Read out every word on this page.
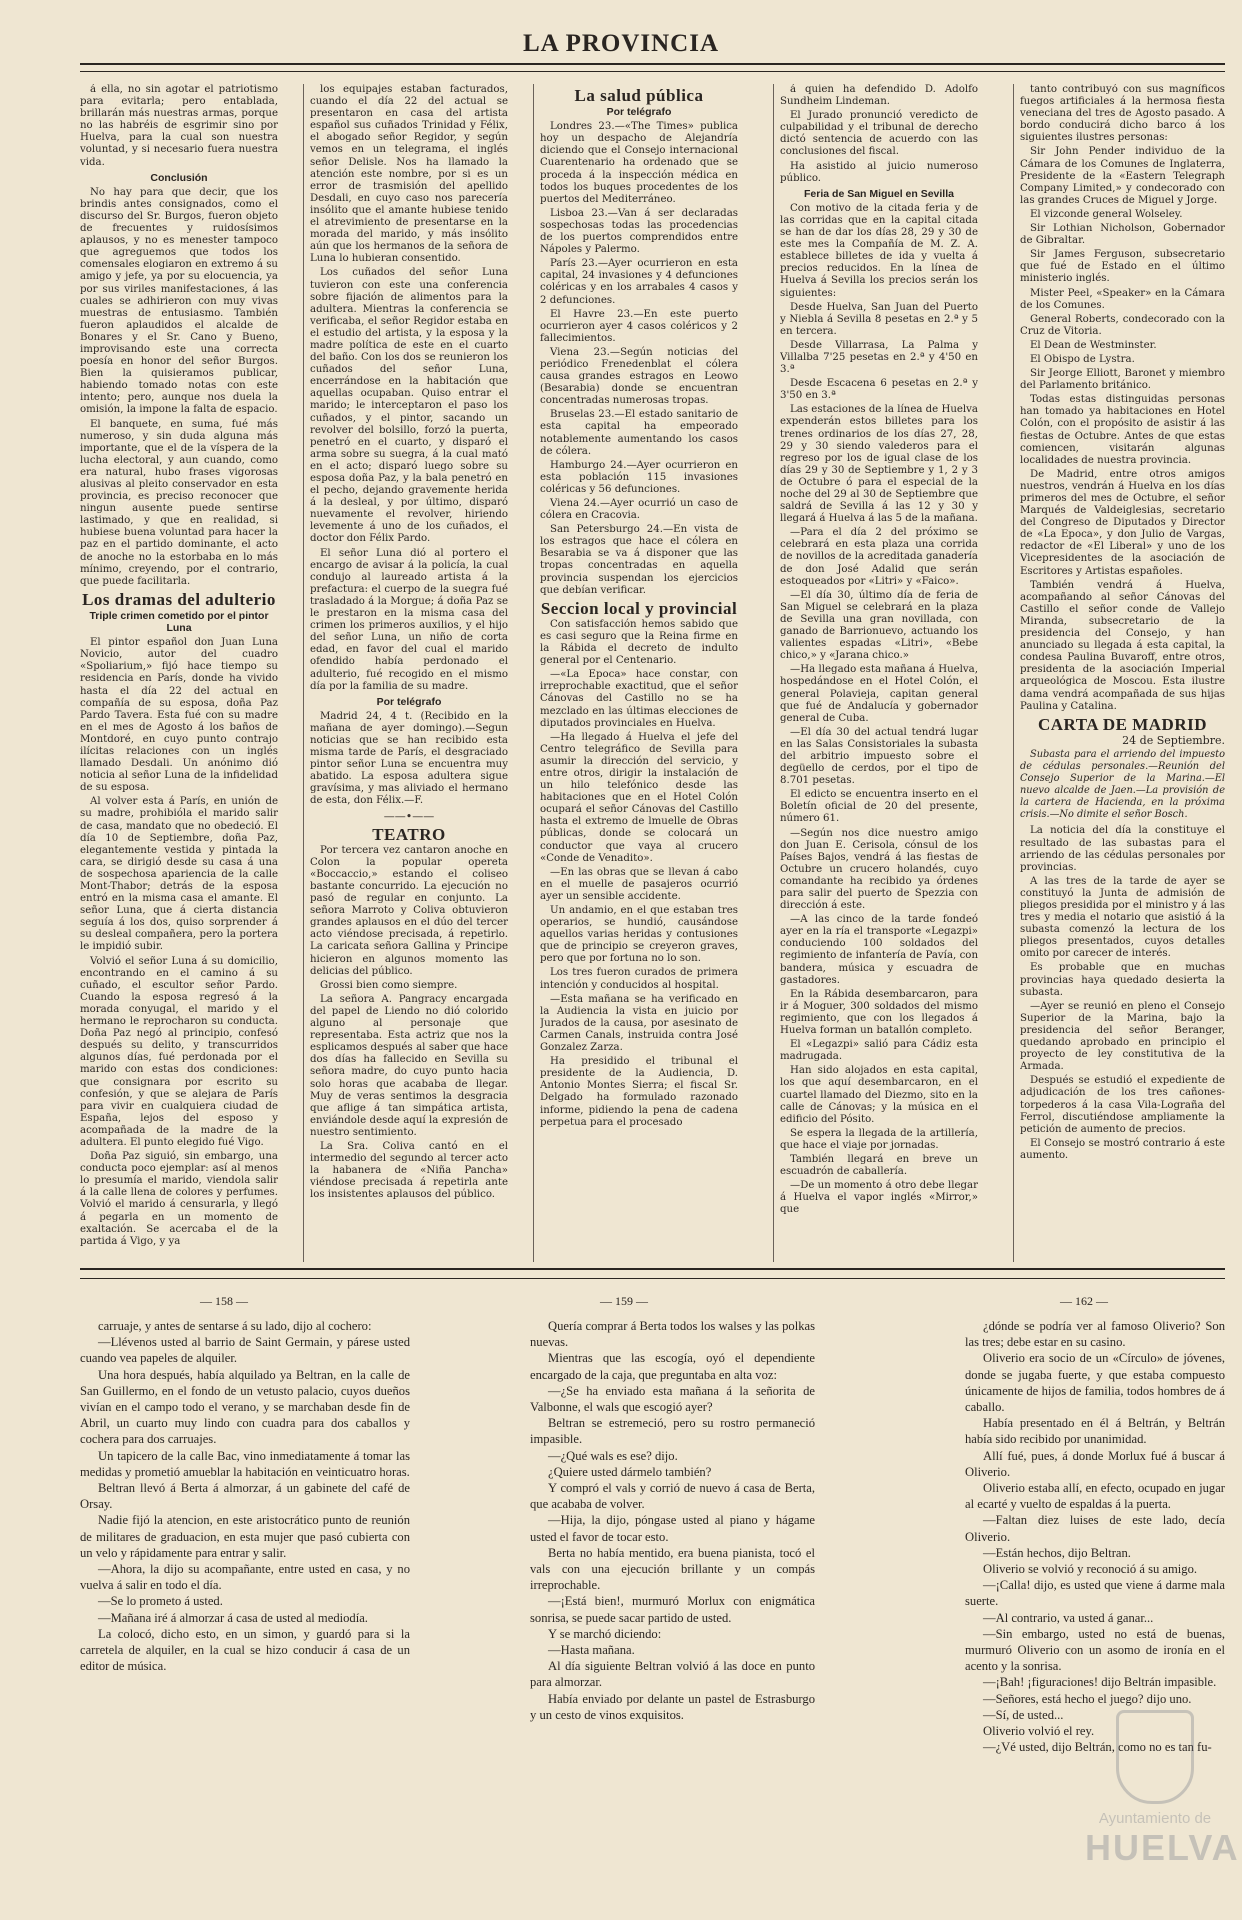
LA PROVINCIA

á ella, no sin agotar el patriotismo para evitarla; pero entablada, brillarán más nuestras armas, porque no las habréis de esgrimir sino por Huelva, para la cual son nuestra voluntad, y si necesario fuera nuestra vida.

Conclusión

No hay para que decir, que los brindis antes consignados, como el discurso del Sr. Burgos, fueron objeto de frecuentes y ruidosísimos aplausos, y no es menester tampoco que agreguemos que todos los comensales elogiaron en extremo á su amigo y jefe, ya por su elocuencia, ya por sus viriles manifestaciones, á las cuales se adhirieron con muy vivas muestras de entusiasmo. También fueron aplaudidos el alcalde de Bonares y el Sr. Cano y Bueno, improvisando este una correcta poesía en honor del señor Burgos. Bien la quisieramos publicar, habiendo tomado notas con este intento; pero, aunque nos duela la omisión, la impone la falta de espacio.

El banquete, en suma, fué más numeroso, y sin duda alguna más importante, que el de la víspera de la lucha electoral, y aun cuando, como era natural, hubo frases vigorosas alusivas al pleito conservador en esta provincia, es preciso reconocer que ningun ausente puede sentirse lastimado, y que en realidad, si hubiese buena voluntad para hacer la paz en el partido dominante, el acto de anoche no la estorbaba en lo más mínimo, creyendo, por el contrario, que puede facilitarla.

Los dramas del adulterio
Triple crimen cometido por el pintor Luna

El pintor español don Juan Luna Novicio, autor del cuadro «Spoliarium,» fijó hace tiempo su residencia en París, donde ha vivido hasta el día 22 del actual en compañía de su esposa, doña Paz Pardo Tavera. Esta fué con su madre en el mes de Agosto á los baños de Montdoré, en cuyo punto contrajo ilícitas relaciones con un inglés llamado Desdali. Un anónimo dió noticia al señor Luna de la infidelidad de su esposa.

Al volver esta á París, en unión de su madre, prohibióla el marido salir de casa, mandato que no obedeció. El día 10 de Septiembre, doña Paz, elegantemente vestida y pintada la cara, se dirigió desde su casa á una de sospechosa apariencia de la calle Mont-Thabor; detrás de la esposa entró en la misma casa el amante. El señor Luna, que á cierta distancia seguía á los dos, quiso sorprender á su desleal compañera, pero la portera le impidió subir.

Volvió el señor Luna á su domicilio, encontrando en el camino á su cuñado, el escultor señor Pardo. Cuando la esposa regresó á la morada conyugal, el marido y el hermano le reprocharon su conducta. Doña Paz negó al principio, confesó después su delito, y transcurridos algunos días, fué perdonada por el marido con estas dos condiciones: que consignara por escrito su confesión, y que se alejara de París para vivir en cualquiera ciudad de España, lejos del esposo y acompañada de la madre de la adultera. El punto elegido fué Vigo.

Doña Paz siguió, sin embargo, una conducta poco ejemplar: así al menos lo presumía el marido, viendola salir á la calle llena de colores y perfumes. Volvió el marido á censurarla, y llegó á pegarla en un momento de exaltación. Se acercaba el de la partida á Vigo, y ya

los equipajes estaban facturados, cuando el día 22 del actual se presentaron en casa del artista español sus cuñados Trinidad y Félix, el abogado señor Regidor, y según vemos en un telegrama, el inglés señor Delisle. Nos ha llamado la atención este nombre, por si es un error de trasmisión del apellido Desdali, en cuyo caso nos parecería insólito que el amante hubiese tenido el atrevimiento de presentarse en la morada del marido, y más insólito aún que los hermanos de la señora de Luna lo hubieran consentido.

Los cuñados del señor Luna tuvieron con este una conferencia sobre fijación de alimentos para la adultera. Mientras la conferencia se verificaba, el señor Regidor estaba en el estudio del artista, y la esposa y la madre política de este en el cuarto del baño. Con los dos se reunieron los cuñados del señor Luna, encerrándose en la habitación que aquellas ocupaban. Quiso entrar el marido; le interceptaron el paso los cuñados, y el pintor, sacando un revolver del bolsillo, forzó la puerta, penetró en el cuarto, y disparó el arma sobre su suegra, á la cual mató en el acto; disparó luego sobre su esposa doña Paz, y la bala penetró en el pecho, dejando gravemente herida á la desleal, y por último, disparó nuevamente el revolver, hiriendo levemente á uno de los cuñados, el doctor don Félix Pardo.

El señor Luna dió al portero el encargo de avisar á la policía, la cual condujo al laureado artista á la prefactura: el cuerpo de la suegra fué trasladado á la Morgue; á doña Paz se le prestaron en la misma casa del crimen los primeros auxilios, y el hijo del señor Luna, un niño de corta edad, en favor del cual el marido ofendido había perdonado el adulterio, fué recogido en el mismo día por la familia de su madre.

Por telégrafo

Madrid 24, 4 t. (Recibido en la mañana de ayer domingo).—Segun noticias que se han recibido esta misma tarde de París, el desgraciado pintor señor Luna se encuentra muy abatido. La esposa adultera sigue gravísima, y mas aliviado el hermano de esta, don Félix.—F.

——•——
TEATRO

Por tercera vez cantaron anoche en Colon la popular opereta «Boccaccio,» estando el coliseo bastante concurrido. La ejecución no pasó de regular en conjunto. La señora Marroto y Coliva obtuvieron grandes aplausos en el dúo del tercer acto viéndose precisada, á repetirlo. La caricata señora Gallina y Principe hicieron en algunos momento las delicias del público.

Grossi bien como siempre.

La señora A. Pangracy encargada del papel de Liendo no dió colorido alguno al personaje que representaba. Esta actriz que nos la esplicamos después al saber que hace dos días ha fallecido en Sevilla su señora madre, do cuyo punto hacia solo horas que acababa de llegar. Muy de veras sentimos la desgracia que aflige á tan simpática artista, enviándole desde aquí la expresión de nuestro sentimiento.

La Sra. Coliva cantó en el intermedio del segundo al tercer acto la habanera de «Niña Pancha» viéndose precisada á repetirla ante los insistentes aplausos del público.

La salud pública
Por telégrafo

Londres 23.—«The Times» publica hoy un despacho de Alejandría diciendo que el Consejo internacional Cuarentenario ha ordenado que se proceda á la inspección médica en todos los buques procedentes de los puertos del Mediterráneo.

Lisboa 23.—Van á ser declaradas sospechosas todas las procedencias de los puertos comprendidos entre Nápoles y Palermo.

París 23.—Ayer ocurrieron en esta capital, 24 invasiones y 4 defunciones coléricas y en los arrabales 4 casos y 2 defunciones.

El Havre 23.—En este puerto ocurrieron ayer 4 casos coléricos y 2 fallecimientos.

Viena 23.—Según noticias del periódico Frenedenblat el cólera causa grandes estragos en Leowo (Besarabia) donde se encuentran concentradas numerosas tropas.

Bruselas 23.—El estado sanitario de esta capital ha empeorado notablemente aumentando los casos de cólera.

Hamburgo 24.—Ayer ocurrieron en esta población 115 invasiones coléricas y 56 defunciones.

Viena 24.—Ayer ocurrió un caso de cólera en Cracovia.

San Petersburgo 24.—En vista de los estragos que hace el cólera en Besarabia se va á disponer que las tropas concentradas en aquella provincia suspendan los ejercicios que debían verificar.

Seccion local y provincial

Con satisfacción hemos sabido que es casi seguro que la Reina firme en la Rábida el decreto de indulto general por el Centenario.

—«La Epoca» hace constar, con irreprochable exactitud, que el señor Cánovas del Castillo no se ha mezclado en las últimas elecciones de diputados provinciales en Huelva.

—Ha llegado á Huelva el jefe del Centro telegráfico de Sevilla para asumir la dirección del servicio, y entre otros, dirigir la instalación de un hilo telefónico desde las habitaciones que en el Hotel Colón ocupará el señor Cánovas del Castillo hasta el extremo de lmuelle de Obras públicas, donde se colocará un conductor que vaya al crucero «Conde de Venadito».

—En las obras que se llevan á cabo en el muelle de pasajeros ocurrió ayer un sensible accidente.

Un andamio, en el que estaban tres operarios, se hundió, causándose aquellos varias heridas y contusiones que de principio se creyeron graves, pero que por fortuna no lo son.

Los tres fueron curados de primera intención y conducidos al hospital.

—Esta mañana se ha verificado en la Audiencia la vista en juicio por Jurados de la causa, por asesinato de Carmen Canals, instruida contra José Gonzalez Zarza.

Ha presidido el tribunal el presidente de la Audiencia, D. Antonio Montes Sierra; el fiscal Sr. Delgado ha formulado razonado informe, pidiendo la pena de cadena perpetua para el procesado

á quien ha defendido D. Adolfo Sundheim Lindeman.

El Jurado pronunció veredicto de culpabilidad y el tribunal de derecho dictó sentencia de acuerdo con las conclusiones del fiscal.

Ha asistido al juicio numeroso público.

Feria de San Miguel en Sevilla

Con motivo de la citada feria y de las corridas que en la capital citada se han de dar los días 28, 29 y 30 de este mes la Compañía de M. Z. A. establece billetes de ida y vuelta á precios reducidos. En la línea de Huelva á Sevilla los precios serán los siguientes:

Desde Huelva, San Juan del Puerto y Niebla á Sevilla 8 pesetas en 2.ª y 5 en tercera.

Desde Villarrasa, La Palma y Villalba 7'25 pesetas en 2.ª y 4'50 en 3.ª

Desde Escacena 6 pesetas en 2.ª y 3'50 en 3.ª

Las estaciones de la línea de Huelva expenderán estos billetes para los trenes ordinarios de los días 27, 28, 29 y 30 siendo valederos para el regreso por los de igual clase de los días 29 y 30 de Septiembre y 1, 2 y 3 de Octubre ó para el especial de la noche del 29 al 30 de Septiembre que saldrá de Sevilla á las 12 y 30 y llegará á Huelva á las 5 de la mañana.

—Para el día 2 del próximo se celebrará en esta plaza una corrida de novillos de la acreditada ganadería de don José Adalid que serán estoqueados por «Litri» y «Faico».

—El día 30, último día de feria de San Miguel se celebrará en la plaza de Sevilla una gran novillada, con ganado de Barrionuevo, actuando los valientes espadas «Litri», «Bebe chico,» y «Jarana chico.»

—Ha llegado esta mañana á Huelva, hospedándose en el Hotel Colón, el general Polavieja, capitan general que fué de Andalucía y gobernador general de Cuba.

—El día 30 del actual tendrá lugar en las Salas Consistoriales la subasta del arbitrio impuesto sobre el degüello de cerdos, por el tipo de 8.701 pesetas.

El edicto se encuentra inserto en el Boletín oficial de 20 del presente, número 61.

—Según nos dice nuestro amigo don Juan E. Cerisola, cónsul de los Países Bajos, vendrá á las fiestas de Octubre un crucero holandés, cuyo comandante ha recibido ya órdenes para salir del puerto de Spezzia con dirección á este.

—A las cinco de la tarde fondeó ayer en la ría el transporte «Legazpi» conduciendo 100 soldados del regimiento de infantería de Pavía, con bandera, música y escuadra de gastadores.

En la Rábida desembarcaron, para ir á Moguer, 300 soldados del mismo regimiento, que con los llegados á Huelva forman un batallón completo.

El «Legazpi» salió para Cádiz esta madrugada.

Han sido alojados en esta capital, los que aquí desembarcaron, en el cuartel llamado del Diezmo, sito en la calle de Cánovas; y la música en el edificio del Pósito.

Se espera la llegada de la artillería, que hace el viaje por jornadas.

También llegará en breve un escuadrón de caballería.

—De un momento á otro debe llegar á Huelva el vapor inglés «Mirror,» que

tanto contribuyó con sus magníficos fuegos artificiales á la hermosa fiesta veneciana del tres de Agosto pasado. A bordo conducirá dicho barco á los siguientes ilustres personas:

Sir John Pender individuo de la Cámara de los Comunes de Inglaterra, Presidente de la «Eastern Telegraph Company Limited,» y condecorado con las grandes Cruces de Miguel y Jorge.

El vizconde general Wolseley.

Sir Lothian Nicholson, Gobernador de Gibraltar.

Sir James Ferguson, subsecretario que fué de Estado en el último ministerio inglés.

Mister Peel, «Speaker» en la Cámara de los Comunes.

General Roberts, condecorado con la Cruz de Vitoria.

El Dean de Westminster.

El Obispo de Lystra.

Sir Jeorge Elliott, Baronet y miembro del Parlamento británico.

Todas estas distinguidas personas han tomado ya habitaciones en Hotel Colón, con el propósito de asistir á las fiestas de Octubre. Antes de que estas comiencen, visitarán algunas localidades de nuestra provincia.

De Madrid, entre otros amigos nuestros, vendrán á Huelva en los días primeros del mes de Octubre, el señor Marqués de Valdeiglesias, secretario del Congreso de Diputados y Director de «La Epoca», y don Julio de Vargas, redactor de «El Liberal» y uno de los Vicepresidentes de la asociación de Escritores y Artistas españoles.

También vendrá á Huelva, acompañando al señor Cánovas del Castillo el señor conde de Vallejo Miranda, subsecretario de la presidencia del Consejo, y han anunciado su llegada á esta capital, la condesa Paulina Buvaroff, entre otros, presidenta de la asociación Imperial arqueológica de Moscou. Esta ilustre dama vendrá acompañada de sus hijas Paulina y Catalina.

CARTA DE MADRID
24 de Septiembre.
Subasta para el arriendo del impuesto de cédulas personales.—Reunión del Consejo Superior de la Marina.—El nuevo alcalde de Jaen.—La provisión de la cartera de Hacienda, en la próxima crisis.—No dimite el señor Bosch.

La noticia del día la constituye el resultado de las subastas para el arriendo de las cédulas personales por provincias.

A las tres de la tarde de ayer se constituyó la Junta de admisión de pliegos presidida por el ministro y á las tres y media el notario que asistió á la subasta comenzó la lectura de los pliegos presentados, cuyos detalles omito por carecer de interés.

Es probable que en muchas provincias haya quedado desierta la subasta.

—Ayer se reunió en pleno el Consejo Superior de la Marina, bajo la presidencia del señor Beranger, quedando aprobado en principio el proyecto de ley constitutiva de la Armada.

Después se estudió el expediente de adjudicación de los tres cañones-torpederos á la casa Vila-Lograña del Ferrol, discutiéndose ampliamente la petición de aumento de precios.

El Consejo se mostró contrario á este aumento.

— 158 —	— 159 —	— 162 —

carruaje, y antes de sentarse á su lado, dijo al cochero:

—Llévenos usted al barrio de Saint Germain, y párese usted cuando vea papeles de alquiler.

Una hora después, había alquilado ya Beltran, en la calle de San Guillermo, en el fondo de un vetusto palacio, cuyos dueños vivían en el campo todo el verano, y se marchaban desde fin de Abril, un cuarto muy lindo con cuadra para dos caballos y cochera para dos carruajes.

Un tapicero de la calle Bac, vino inmediatamente á tomar las medidas y prometió amueblar la habitación en veinticuatro horas.

Beltran llevó á Berta á almorzar, á un gabinete del café de Orsay.

Nadie fijó la atencion, en este aristocrático punto de reunión de militares de graduacion, en esta mujer que pasó cubierta con un velo y rápidamente para entrar y salir.

—Ahora, la dijo su acompañante, entre usted en casa, y no vuelva á salir en todo el día.

—Se lo prometo á usted.

—Mañana iré á almorzar á casa de usted al mediodía.

La colocó, dicho esto, en un simon, y guardó para si la carretela de alquiler, en la cual se hizo conducir á casa de un editor de música.

Quería comprar á Berta todos los walses y las polkas nuevas.

Mientras que las escogía, oyó el dependiente encargado de la caja, que preguntaba en alta voz:

—¿Se ha enviado esta mañana á la señorita de Valbonne, el wals que escogió ayer?

Beltran se estremeció, pero su rostro permaneció impasible.

—¿Qué wals es ese? dijo.

¿Quiere usted dármelo también?

Y compró el vals y corrió de nuevo á casa de Berta, que acababa de volver.

—Hija, la dijo, póngase usted al piano y hágame usted el favor de tocar esto.

Berta no había mentido, era buena pianista, tocó el vals con una ejecución brillante y un compás irreprochable.

—¡Está bien!, murmuró Morlux con enigmática sonrisa, se puede sacar partido de usted.

Y se marchó diciendo:

—Hasta mañana.

Al día siguiente Beltran volvió á las doce en punto para almorzar.

Había enviado por delante un pastel de Estrasburgo y un cesto de vinos exquisitos.

¿dónde se podría ver al famoso Oliverio? Son las tres; debe estar en su casino.

Oliverio era socio de un «Círculo» de jóvenes, donde se jugaba fuerte, y que estaba compuesto únicamente de hijos de familia, todos hombres de á caballo.

Había presentado en él á Beltrán, y Beltrán había sido recibido por unanimidad.

Allí fué, pues, á donde Morlux fué á buscar á Oliverio.

Oliverio estaba allí, en efecto, ocupado en jugar al ecarté y vuelto de espaldas á la puerta.

—Faltan diez luises de este lado, decía Oliverio.

—Están hechos, dijo Beltran.

Oliverio se volvió y reconoció á su amigo.

—¡Calla! dijo, es usted que viene á darme mala suerte.

—Al contrario, va usted á ganar...

—Sin embargo, usted no está de buenas, murmuró Oliverio con un asomo de ironía en el acento y la sonrisa.

—¡Bah! ¡figuraciones! dijo Beltrán impasible.

—Señores, está hecho el juego? dijo uno.

—Sí, de usted...

Oliverio volvió el rey.

—¿Vé usted, dijo Beltrán, como no es tan fu-

Ayuntamiento de
HUELVA
